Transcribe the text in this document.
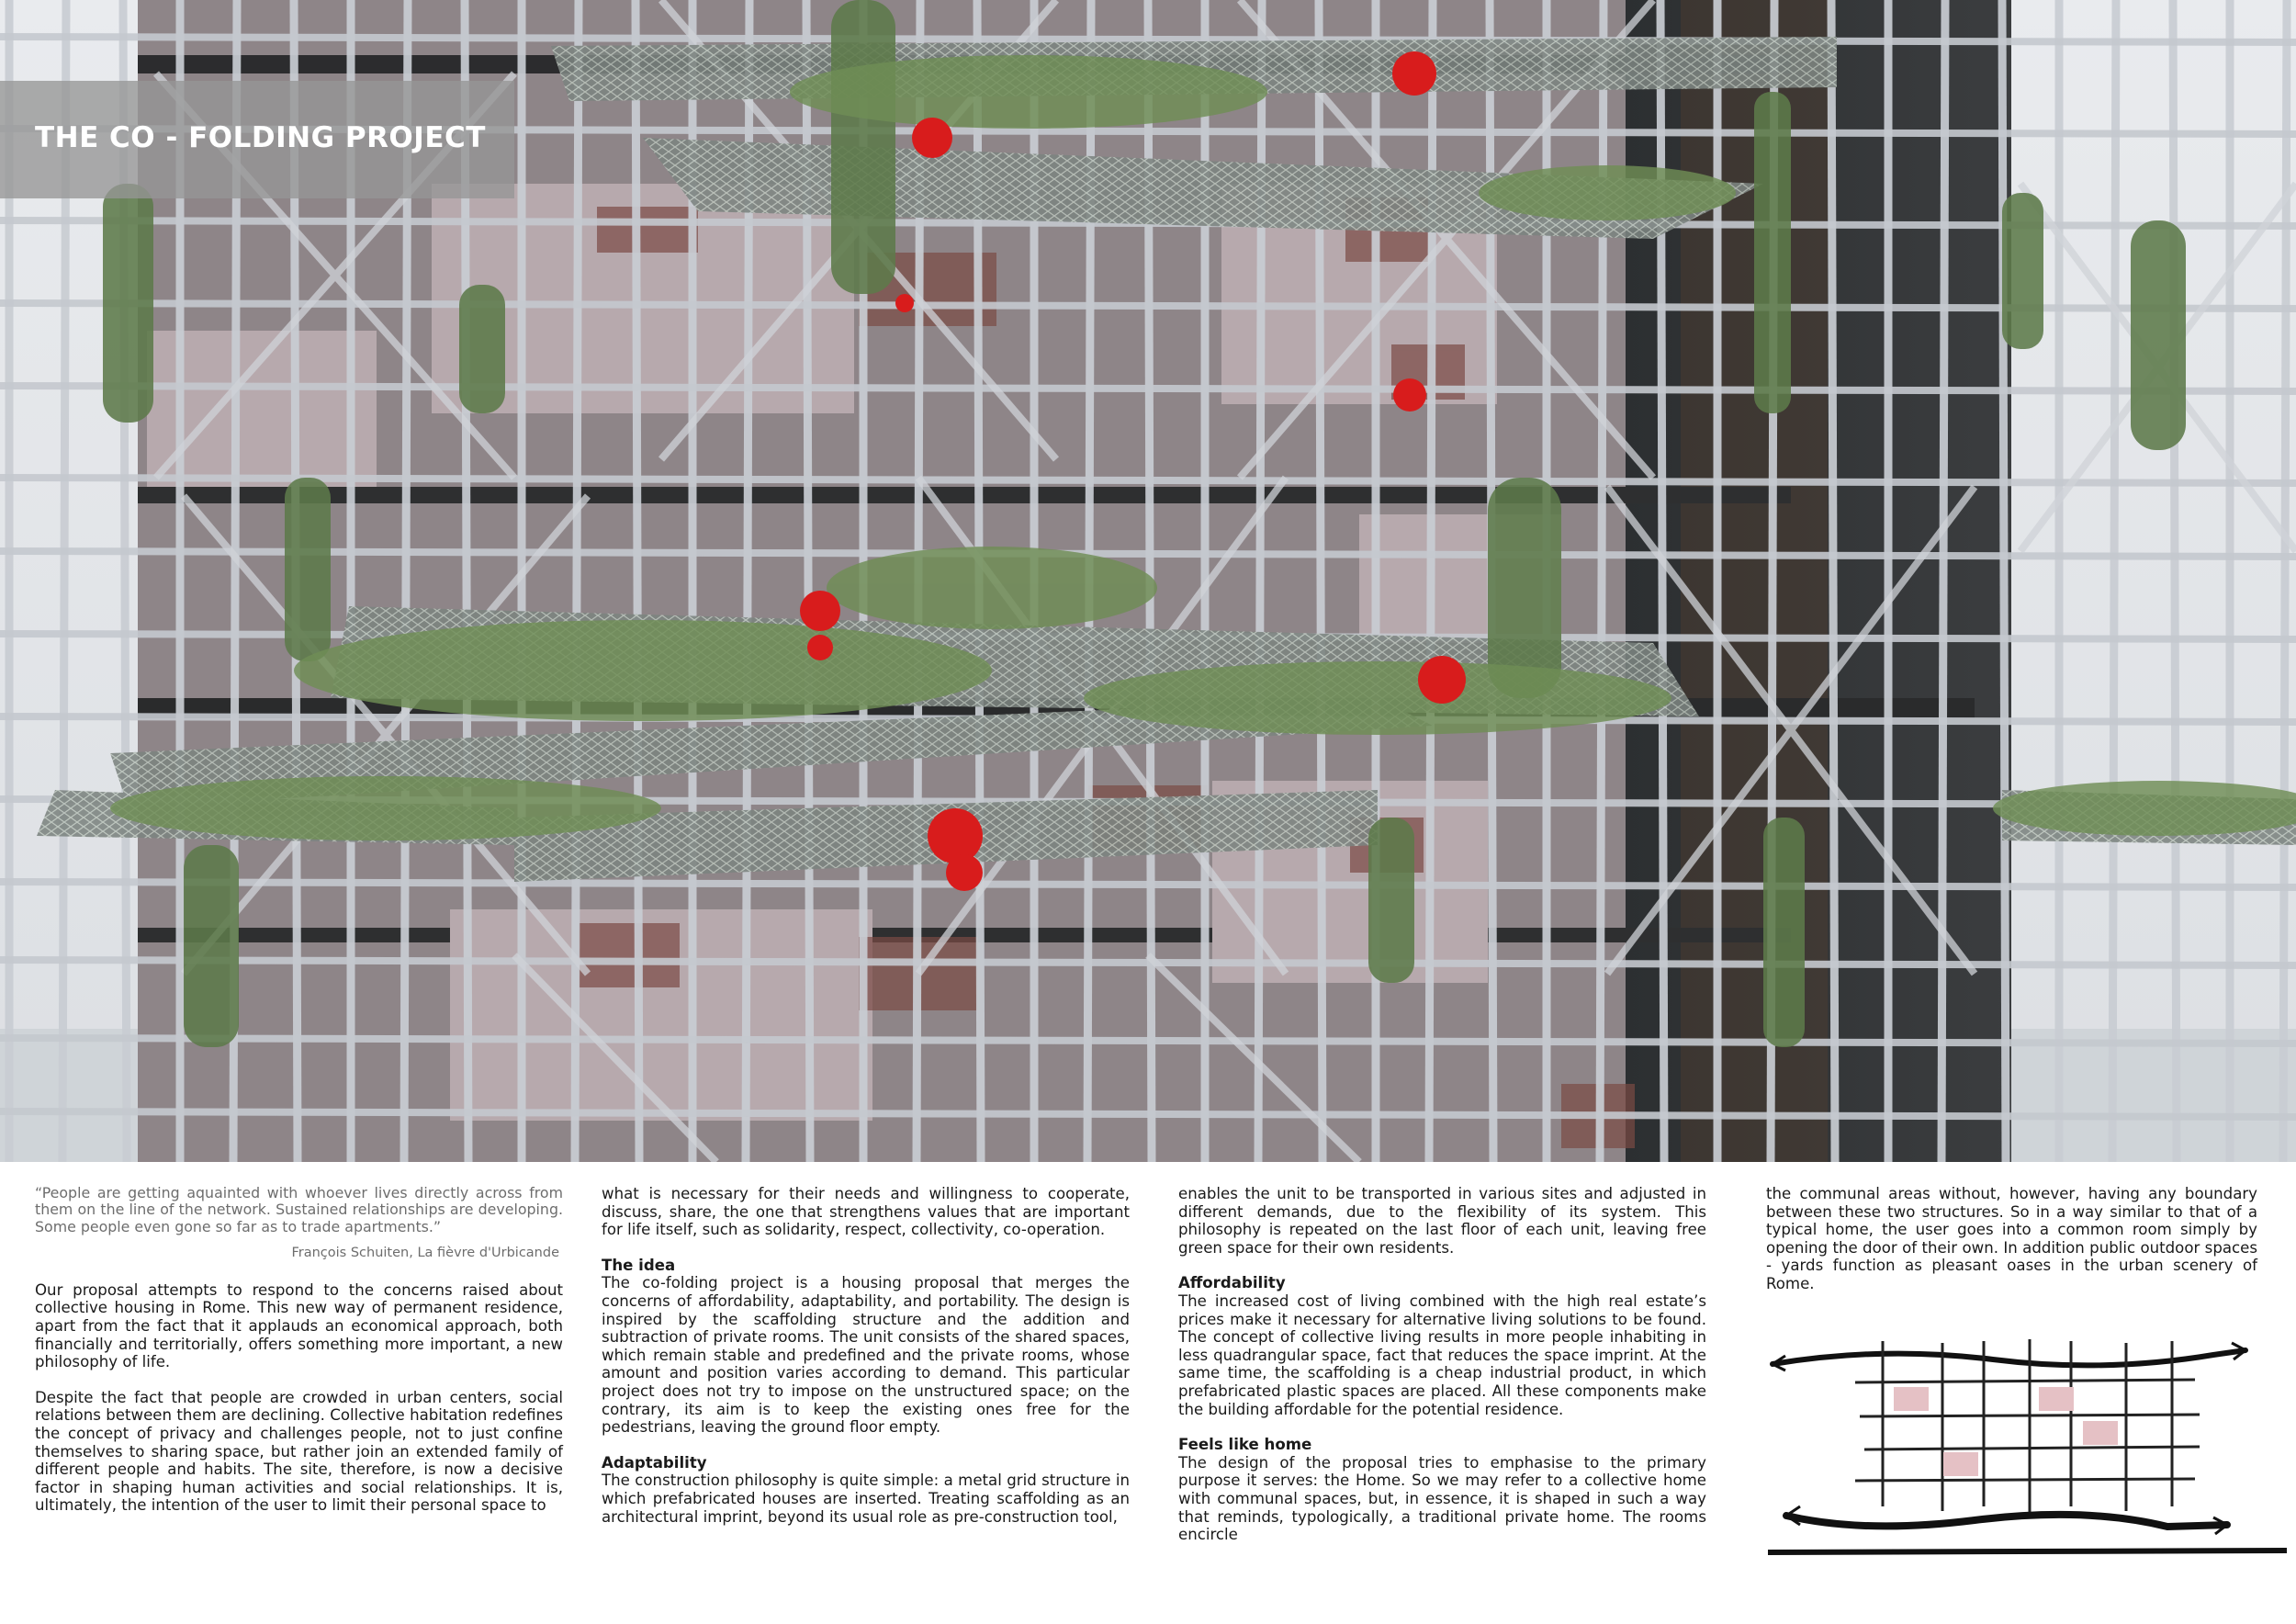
THE CO - FOLDING PROJECT

“People are getting aquainted with whoever lives directly across from them on the line of the network. Sustained relationships are developing. Some people even gone so far as to trade apartments.”

François Schuiten, La fièvre d'Urbicande

Our proposal attempts to respond to the concerns raised about collective housing in Rome. This new way of permanent residence, apart from the fact that it applauds an economical approach, both financially and territorially, offers something more important, a new philosophy of life.

Despite the fact that people are crowded in urban centers, social relations between them are declining. Collective habitation redefines the concept of privacy and challenges people, not to just confine themselves to sharing space, but rather join an extended family of different people and habits. The site, therefore, is now a decisive factor in shaping human activities and social relationships. It is, ultimately, the intention of the user to limit their personal space to

what is necessary for their needs and willingness to cooperate, discuss, share, the one that strengthens values that are important for life itself, such as solidarity, respect, collectivity, co-operation.

The idea

The co-folding project is a housing proposal that merges the concerns of affordability, adaptability, and portability. The design is inspired by the scaffolding structure and the addition and subtraction of private rooms. The unit consists of the shared spaces, which remain stable and predefined and the private rooms, whose amount and position varies according to demand. This particular project does not try to impose on the unstructured space; on the contrary, its aim is to keep the existing ones free for the pedestrians, leaving the ground floor empty.

Adaptability

The construction philosophy is quite simple: a metal grid structure in which prefabricated houses are inserted. Treating scaffolding as an architectural imprint, beyond its usual role as pre-construction tool,

enables the unit to be transported in various sites and adjusted in different demands, due to the flexibility of its system. This philosophy is repeated on the last floor of each unit, leaving free green space for their own residents.

Affordability

The increased cost of living combined with the high real estate’s prices make it necessary for alternative living solutions to be found. The concept of collective living results in more people inhabiting in less quadrangular space, fact that reduces the space imprint. At the same time, the scaffolding is a cheap industrial product, in which prefabricated plastic spaces are placed. All these components make the building affordable for the potential residence.

Feels like home

The design of the proposal tries to emphasise to the primary purpose it serves: the Home. So we may refer to a collective home with communal spaces, but, in essence, it is shaped in such a way that reminds, typologically, a traditional private home. The rooms encircle

the communal areas without, however, having any boundary between these two structures. So in a way similar to that of a typical home, the user goes into a common room simply by opening the door of their own. In addition public outdoor spaces - yards function as pleasant oases in the urban scenery of Rome.
